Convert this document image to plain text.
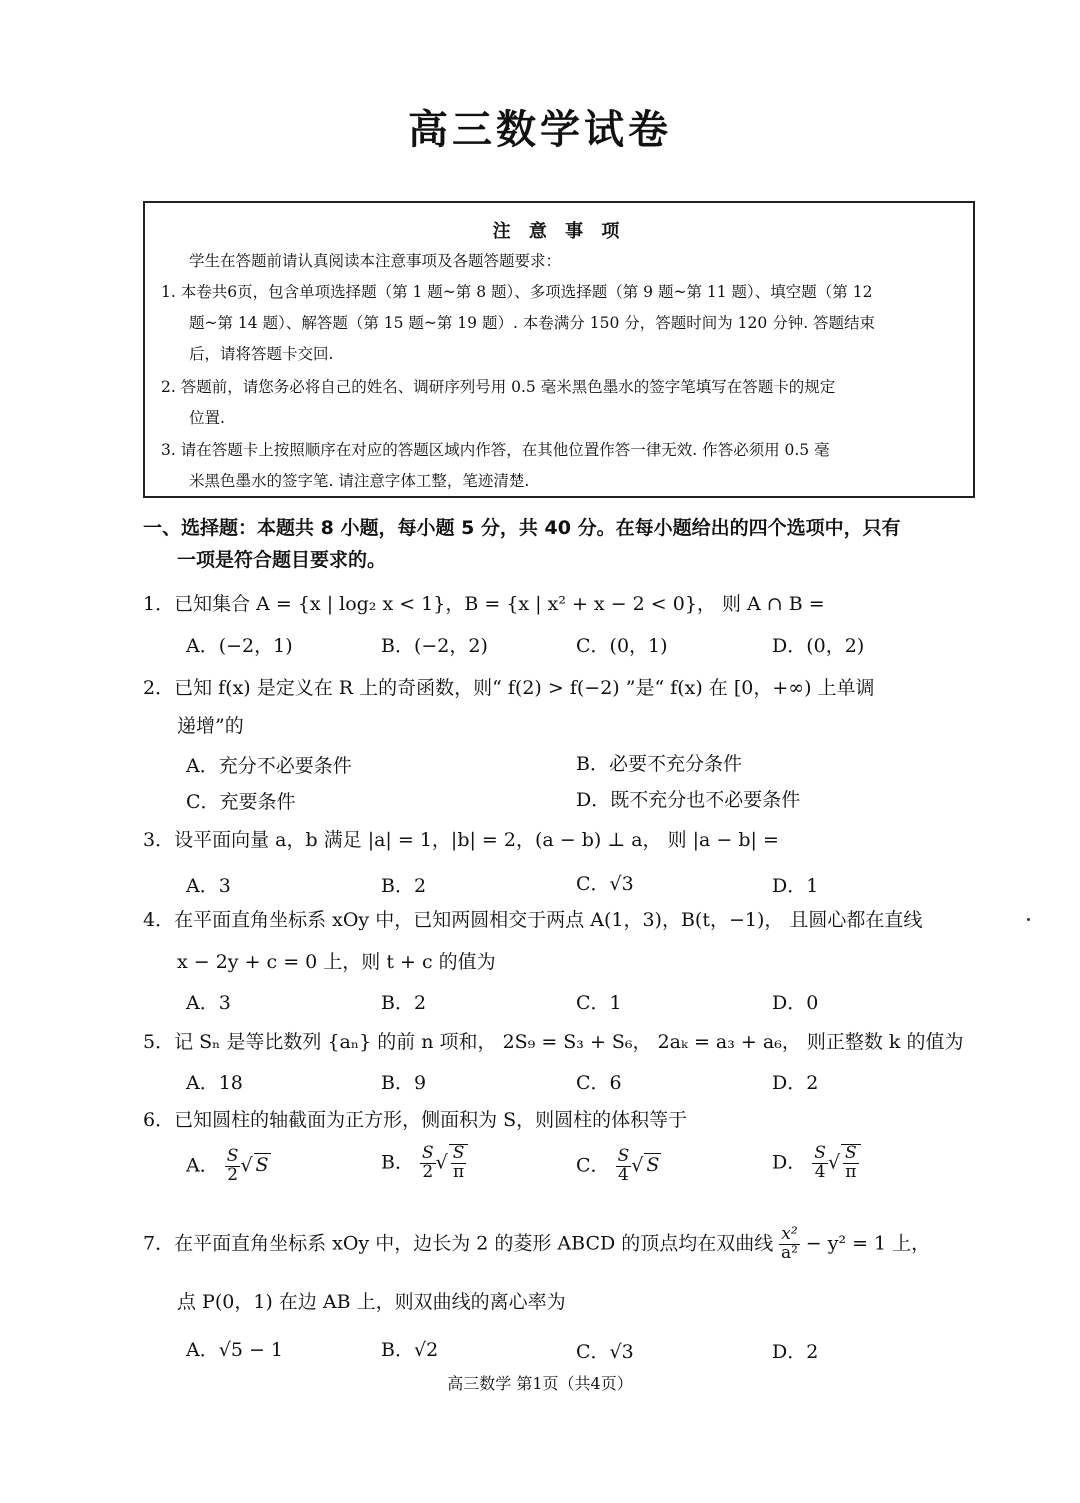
高三数学试卷
注 意 事 项
学生在答题前请认真阅读本注意事项及各题答题要求：
1. 本卷共6页，包含单项选择题（第 1 题~第 8 题）、多项选择题（第 9 题~第 11 题）、填空题（第 12
题~第 14 题）、解答题（第 15 题~第 19 题）. 本卷满分 150 分，答题时间为 120 分钟. 答题结束
后，请将答题卡交回.
2. 答题前，请您务必将自己的姓名、调研序列号用 0.5 毫米黑色墨水的签字笔填写在答题卡的规定
位置.
3. 请在答题卡上按照顺序在对应的答题区域内作答，在其他位置作答一律无效. 作答必须用 0.5 毫
米黑色墨水的签字笔. 请注意字体工整，笔迹清楚.
一、选择题：本题共 8 小题，每小题 5 分，共 40 分。在每小题给出的四个选项中，只有
一项是符合题目要求的。
1．已知集合 A = {x | log₂ x < 1}，B = {x | x² + x − 2 < 0}， 则 A ∩ B =
A．(−2，1)	B．(−2，2)	C．(0，1)	D．(0，2)
2．已知 f(x) 是定义在 R 上的奇函数，则“ f(2) > f(−2) ”是“ f(x) 在 [0，+∞) 上单调
递增”的
A．充分不必要条件	B．必要不充分条件
C．充要条件	D．既不充分也不必要条件
3．设平面向量 a，b 满足 |a| = 1，|b| = 2，(a − b) ⊥ a， 则 |a − b| =
A．3	B．2	C．√3	D．1
4．在平面直角坐标系 xOy 中，已知两圆相交于两点 A(1，3)，B(t，−1)， 且圆心都在直线
x − 2y + c = 0 上，则 t + c 的值为
A．3	B．2	C．1	D．0
5．记 Sₙ 是等比数列 {aₙ} 的前 n 项和， 2S₉ = S₃ + S₆， 2aₖ = a₃ + a₆， 则正整数 k 的值为
A．18	B．9	C．6	D．2
6．已知圆柱的轴截面为正方形，侧面积为 S，则圆柱的体积等于
A． $\frac{S}{2}$ √ S	B． $\frac{S}{2}$ √ $\frac{S}{\pi}$	C． $\frac{S}{4}$ √ S	D． $\frac{S}{4}$ √ $\frac{S}{\pi}$
7．在平面直角坐标系 xOy 中，边长为 2 的菱形 ABCD 的顶点均在双曲线 $\frac{\text{x²}}{\text{a²}} - y^2 = 1$ 上，
点 P(0，1) 在边 AB 上，则双曲线的离心率为
A．√5 − 1	B．√2	C．√3	D．2
高三数学 第1页（共4页）
